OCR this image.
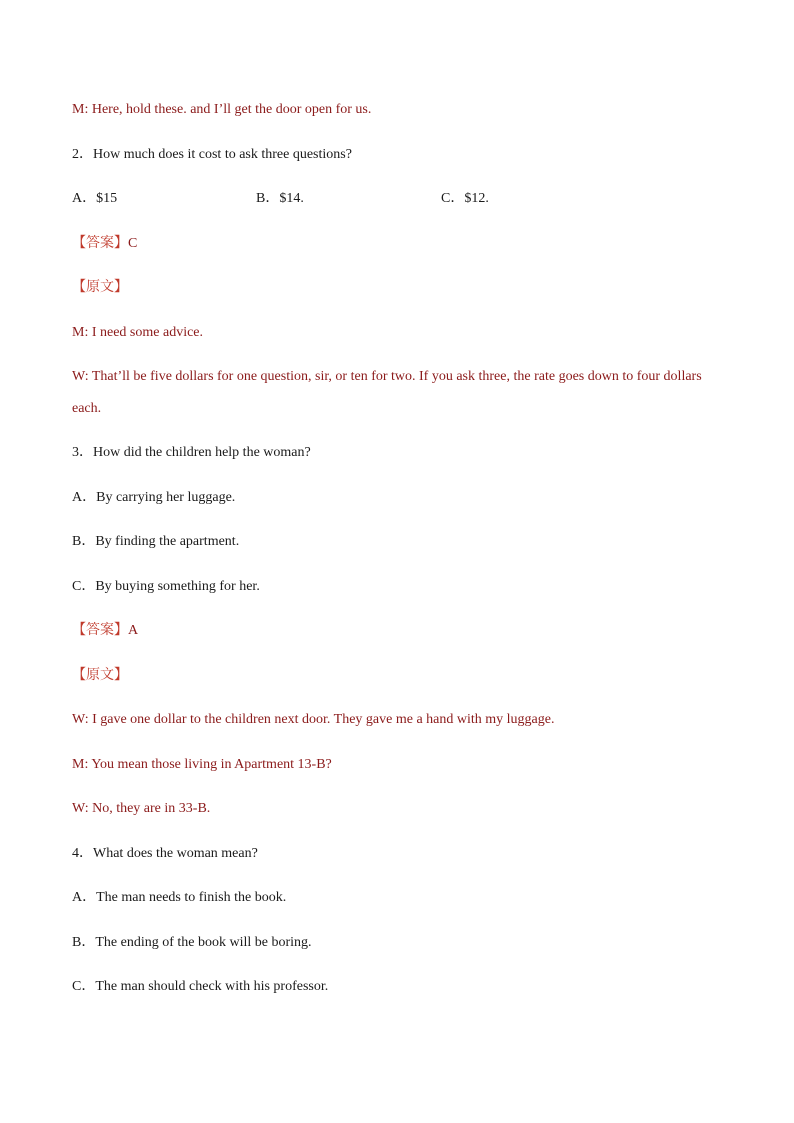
M: Here, hold these. and I’ll get the door open for us.
2．How much does it cost to ask three questions?
A．$15	B．$14.	C．$12.
【答案】C
【原文】
M: I need some advice.
W: That’ll be five dollars for one question, sir, or ten for two. If you ask three, the rate goes down to four dollars each.
3．How did the children help the woman?
A．By carrying her luggage.
B．By finding the apartment.
C．By buying something for her.
【答案】A
【原文】
W: I gave one dollar to the children next door. They gave me a hand with my luggage.
M: You mean those living in Apartment 13-B?
W: No, they are in 33-B.
4．What does the woman mean?
A．The man needs to finish the book.
B．The ending of the book will be boring.
C．The man should check with his professor.
